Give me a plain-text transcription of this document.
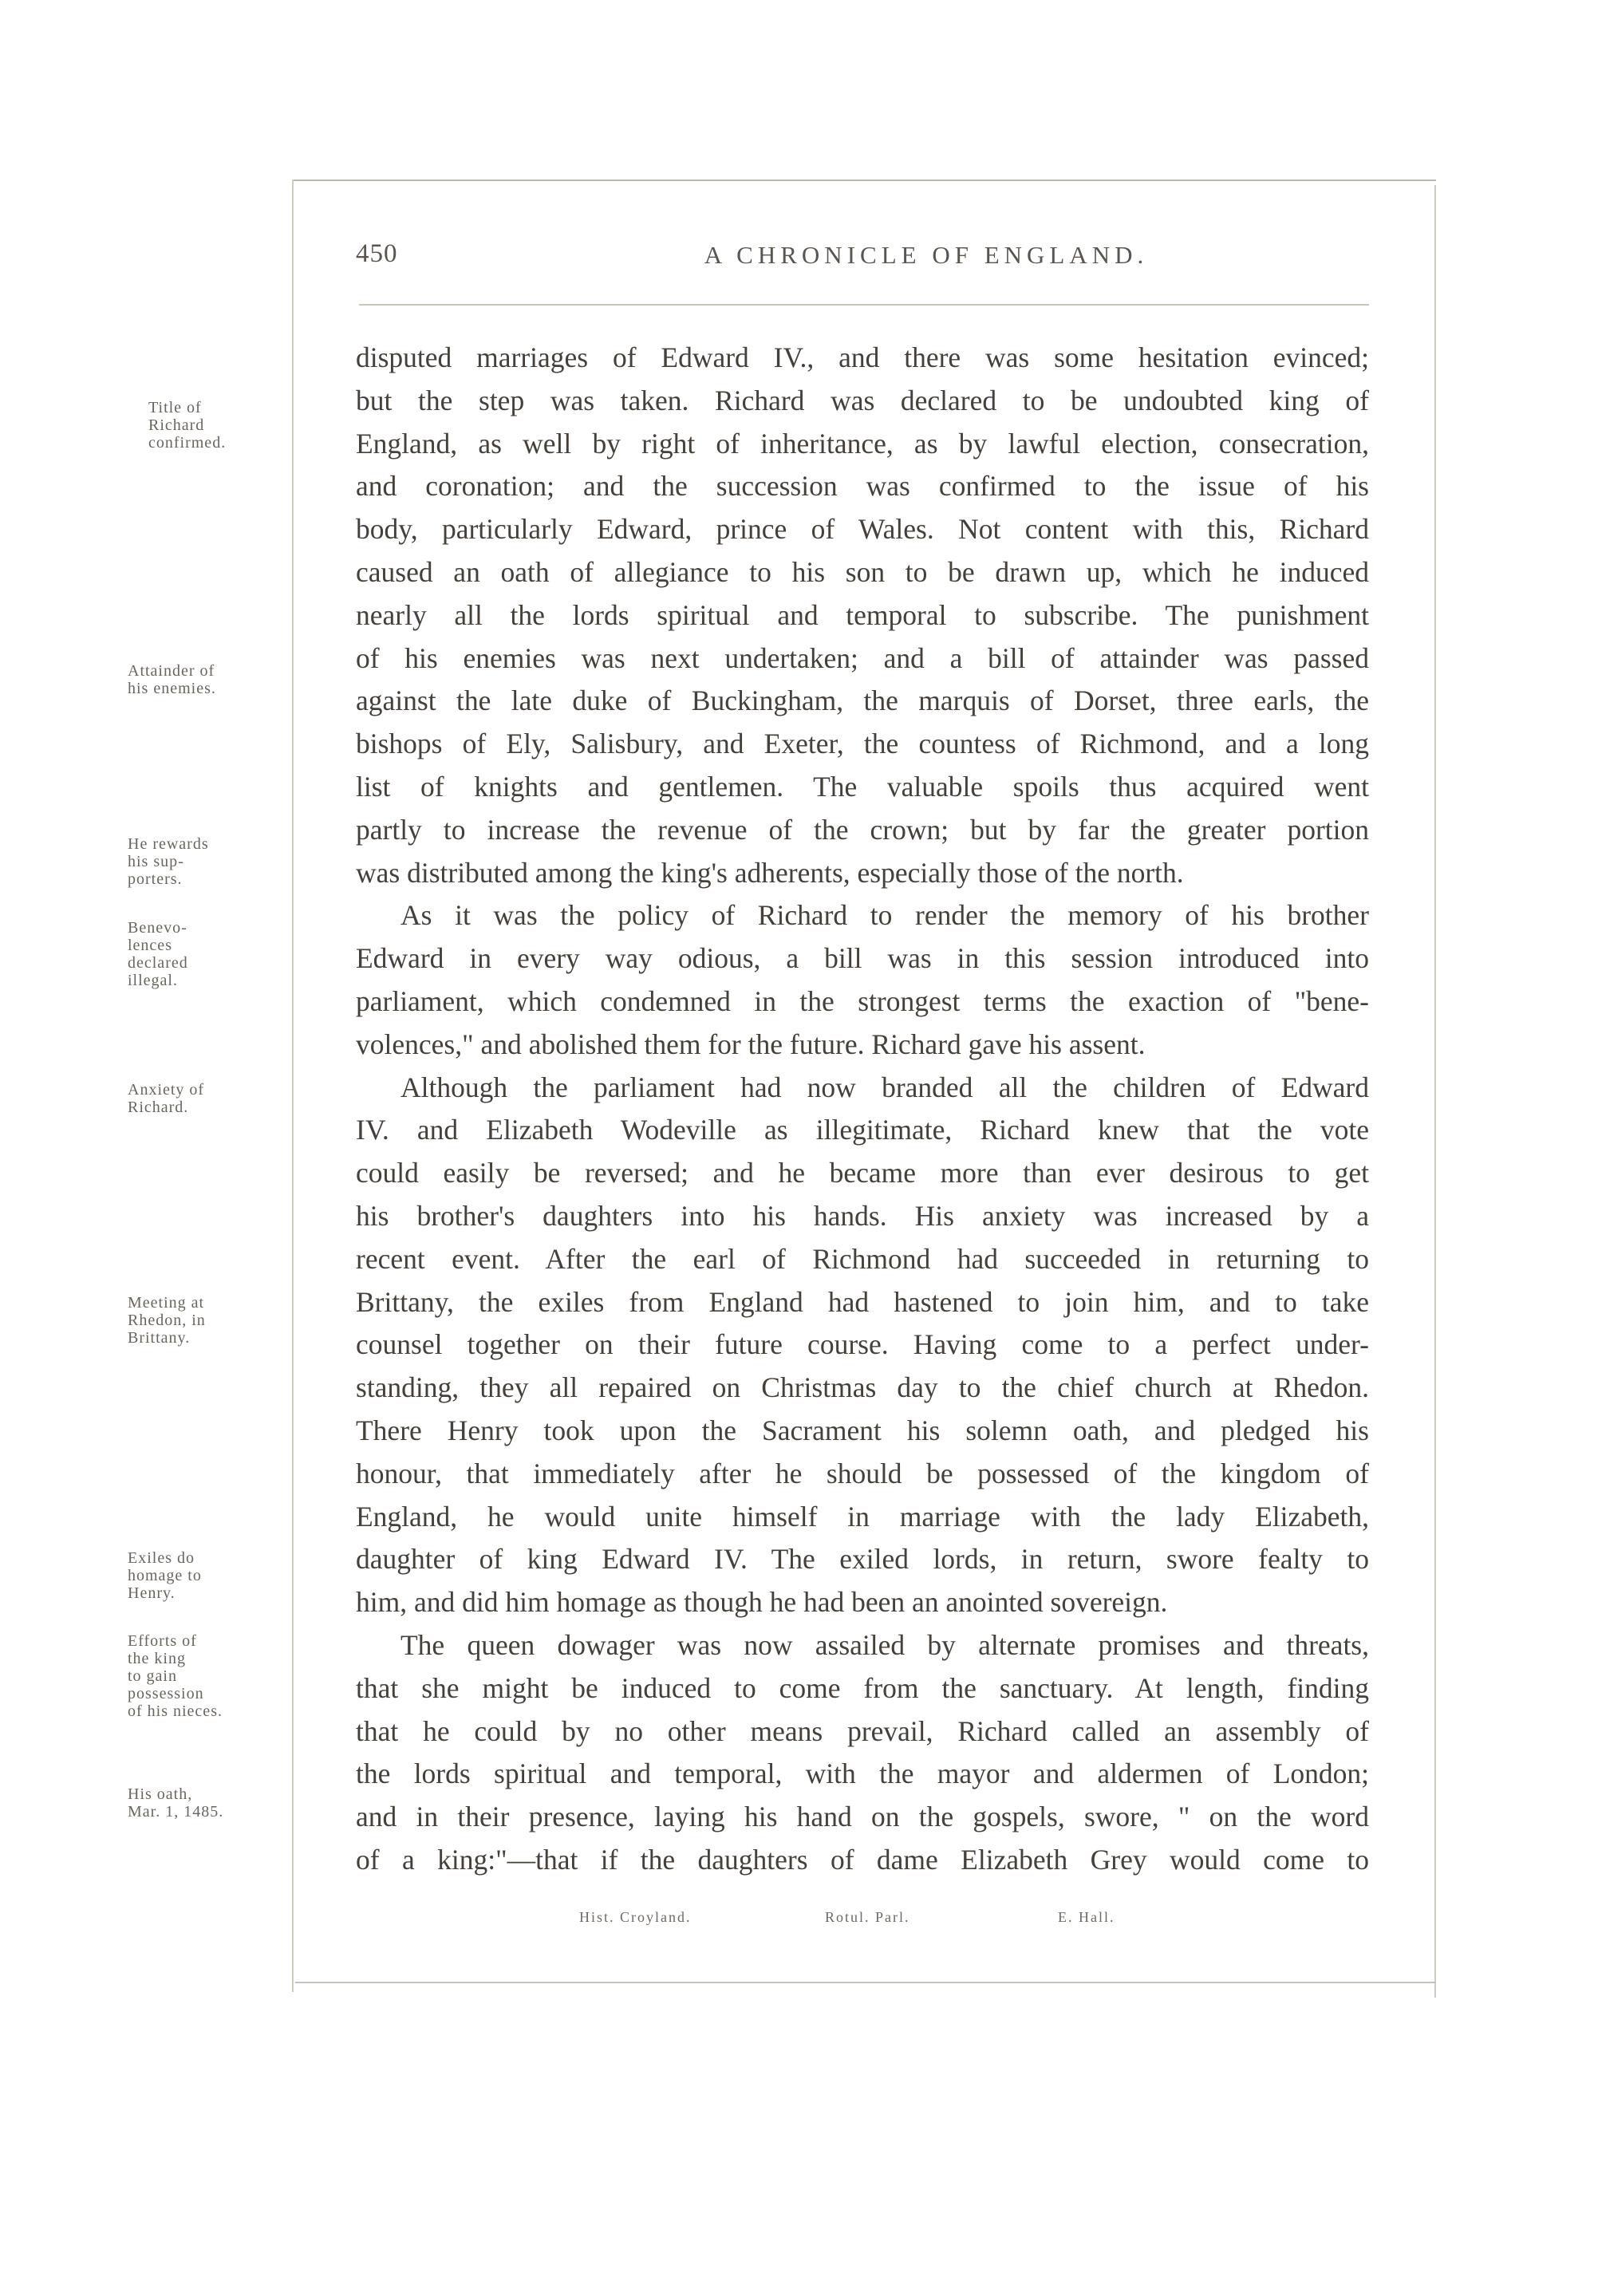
450	A CHRONICLE OF ENGLAND.
Title of
Richard
confirmed.
Attainder of
his enemies.
He rewards
his sup-
porters.
Benevo-
lences
declared
illegal.
Anxiety of
Richard.
Meeting at
Rhedon, in
Brittany.
Exiles do
homage to
Henry.
Efforts of
the king
to gain
possession
of his nieces.
His oath,
Mar. 1, 1485.
disputed marriages of Edward IV., and there was some hesitation evinced;
but the step was taken. Richard was declared to be undoubted king of
England, as well by right of inheritance, as by lawful election, consecration,
and coronation; and the succession was confirmed to the issue of his
body, particularly Edward, prince of Wales. Not content with this, Richard
caused an oath of allegiance to his son to be drawn up, which he induced
nearly all the lords spiritual and temporal to subscribe. The punishment
of his enemies was next undertaken; and a bill of attainder was passed
against the late duke of Buckingham, the marquis of Dorset, three earls, the
bishops of Ely, Salisbury, and Exeter, the countess of Richmond, and a long
list of knights and gentlemen. The valuable spoils thus acquired went
partly to increase the revenue of the crown; but by far the greater portion
was distributed among the king's adherents, especially those of the north.
As it was the policy of Richard to render the memory of his brother
Edward in every way odious, a bill was in this session introduced into
parliament, which condemned in the strongest terms the exaction of "bene-
volences," and abolished them for the future. Richard gave his assent.
Although the parliament had now branded all the children of Edward
IV. and Elizabeth Wodeville as illegitimate, Richard knew that the vote
could easily be reversed; and he became more than ever desirous to get
his brother's daughters into his hands. His anxiety was increased by a
recent event. After the earl of Richmond had succeeded in returning to
Brittany, the exiles from England had hastened to join him, and to take
counsel together on their future course. Having come to a perfect under-
standing, they all repaired on Christmas day to the chief church at Rhedon.
There Henry took upon the Sacrament his solemn oath, and pledged his
honour, that immediately after he should be possessed of the kingdom of
England, he would unite himself in marriage with the lady Elizabeth,
daughter of king Edward IV. The exiled lords, in return, swore fealty to
him, and did him homage as though he had been an anointed sovereign.
The queen dowager was now assailed by alternate promises and threats,
that she might be induced to come from the sanctuary. At length, finding
that he could by no other means prevail, Richard called an assembly of
the lords spiritual and temporal, with the mayor and aldermen of London;
and in their presence, laying his hand on the gospels, swore, " on the word
of a king:"—that if the daughters of dame Elizabeth Grey would come to
Hist. Croyland.	Rotul. Parl.	E. Hall.
